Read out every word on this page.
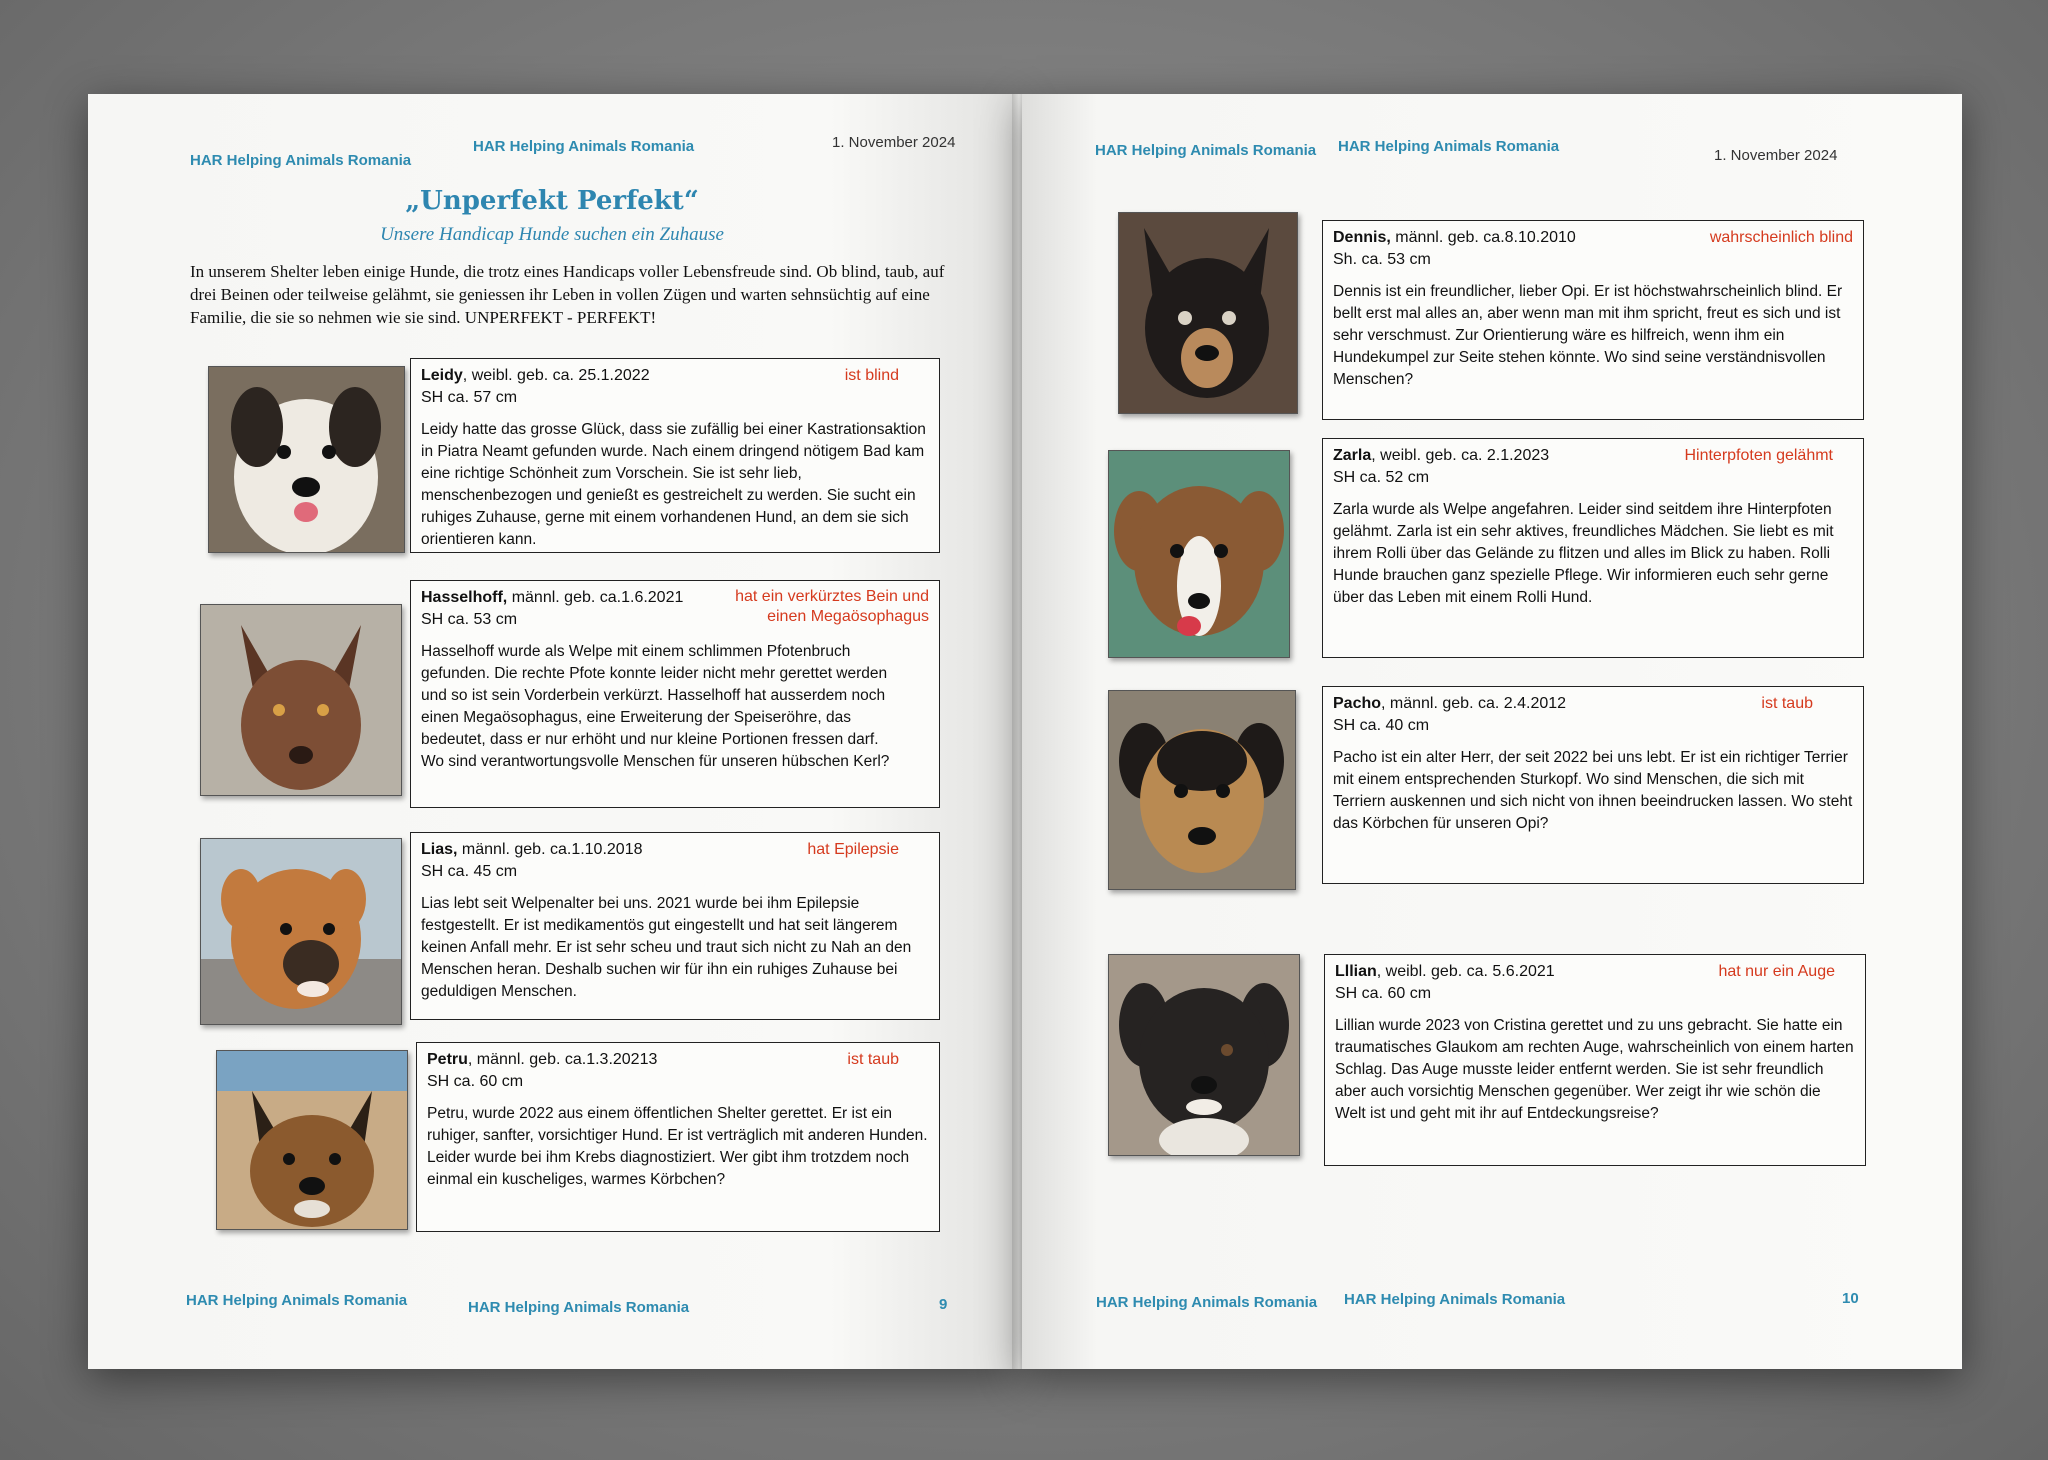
HAR Helping Animals Romania
HAR Helping Animals Romania	1. November 2024
„Unperfekt Perfekt“
Unsere Handicap Hunde suchen ein Zuhause
In unserem Shelter leben einige Hunde, die trotz eines Handicaps voller Lebensfreude sind. Ob blind, taub, auf drei Beinen oder teilweise gelähmt, sie geniessen ihr Leben in vollen Zügen und warten sehnsüchtig auf eine Familie, die sie so nehmen wie sie sind. UNPERFEKT - PERFEKT!
Leidy, weibl. geb. ca. 25.1.2022	ist blind
SH ca. 57 cm
Leidy hatte das grosse Glück, dass sie zufällig bei einer Kastrationsaktion in Piatra Neamt gefunden wurde. Nach einem dringend nötigem Bad kam eine richtige Schönheit zum Vorschein. Sie ist sehr lieb, menschenbezogen und genießt es gestreichelt zu werden. Sie sucht ein ruhiges Zuhause, gerne mit einem vorhandenen Hund, an dem sie sich orientieren kann.
Hasselhoff, männl. geb. ca.1.6.2021	hat ein verkürztes Bein und einen Megaösophagus
SH ca. 53 cm
Hasselhoff wurde als Welpe mit einem schlimmen Pfotenbruch gefunden. Die rechte Pfote konnte leider nicht mehr gerettet werden und so ist sein Vorderbein verkürzt. Hasselhoff hat ausserdem noch einen Megaösophagus, eine Erweiterung der Speiseröhre, das bedeutet, dass er nur erhöht und nur kleine Portionen fressen darf. Wo sind verantwortungsvolle Menschen für unseren hübschen Kerl?
Lias, männl. geb. ca.1.10.2018	hat Epilepsie
SH ca. 45 cm
Lias lebt seit Welpenalter bei uns. 2021 wurde bei ihm Epilepsie festgestellt. Er ist medikamentös gut eingestellt und hat seit längerem keinen Anfall mehr. Er ist sehr scheu und traut sich nicht zu Nah an den Menschen heran. Deshalb suchen wir für ihn ein ruhiges Zuhause bei geduldigen Menschen.
Petru, männl. geb. ca.1.3.20213	ist taub
SH ca. 60 cm
Petru, wurde 2022 aus einem öffentlichen Shelter gerettet. Er ist ein ruhiger, sanfter, vorsichtiger Hund. Er ist verträglich mit anderen Hunden. Leider wurde bei ihm Krebs diagnostiziert. Wer gibt ihm trotzdem noch einmal ein kuscheliges, warmes Körbchen?
HAR Helping Animals Romania	HAR Helping Animals Romania	9
HAR Helping Animals Romania HAR Helping Animals Romania
1. November 2024
Dennis, männl. geb. ca.8.10.2010	wahrscheinlich blind
Sh. ca. 53 cm
Dennis ist ein freundlicher, lieber Opi. Er ist höchstwahrscheinlich blind. Er bellt erst mal alles an, aber wenn man mit ihm spricht, freut es sich und ist sehr verschmust. Zur Orientierung wäre es hilfreich, wenn ihm ein Hundekumpel zur Seite stehen könnte. Wo sind seine verständnisvollen Menschen?
Zarla, weibl. geb. ca. 2.1.2023	Hinterpfoten gelähmt
SH ca. 52 cm
Zarla wurde als Welpe angefahren. Leider sind seitdem ihre Hinterpfoten gelähmt. Zarla ist ein sehr aktives, freundliches Mädchen. Sie liebt es mit ihrem Rolli über das Gelände zu flitzen und alles im Blick zu haben. Rolli Hunde brauchen ganz spezielle Pflege. Wir informieren euch sehr gerne über das Leben mit einem Rolli Hund.
Pacho, männl. geb. ca. 2.4.2012	ist taub
SH ca. 40 cm
Pacho ist ein alter Herr, der seit 2022 bei uns lebt. Er ist ein richtiger Terrier mit einem entsprechenden Sturkopf. Wo sind Menschen, die sich mit Terriern auskennen und sich nicht von ihnen beeindrucken lassen. Wo steht das Körbchen für unseren Opi?
Lllian, weibl. geb. ca. 5.6.2021	hat nur ein Auge
SH ca. 60 cm
Lillian wurde 2023 von Cristina gerettet und zu uns gebracht. Sie hatte ein traumatisches Glaukom am rechten Auge, wahrscheinlich von einem harten Schlag. Das Auge musste leider entfernt werden. Sie ist sehr freundlich aber auch vorsichtig Menschen gegenüber. Wer zeigt ihr wie schön die Welt ist und geht mit ihr auf Entdeckungsreise?
HAR Helping Animals Romania HAR Helping Animals Romania	10
